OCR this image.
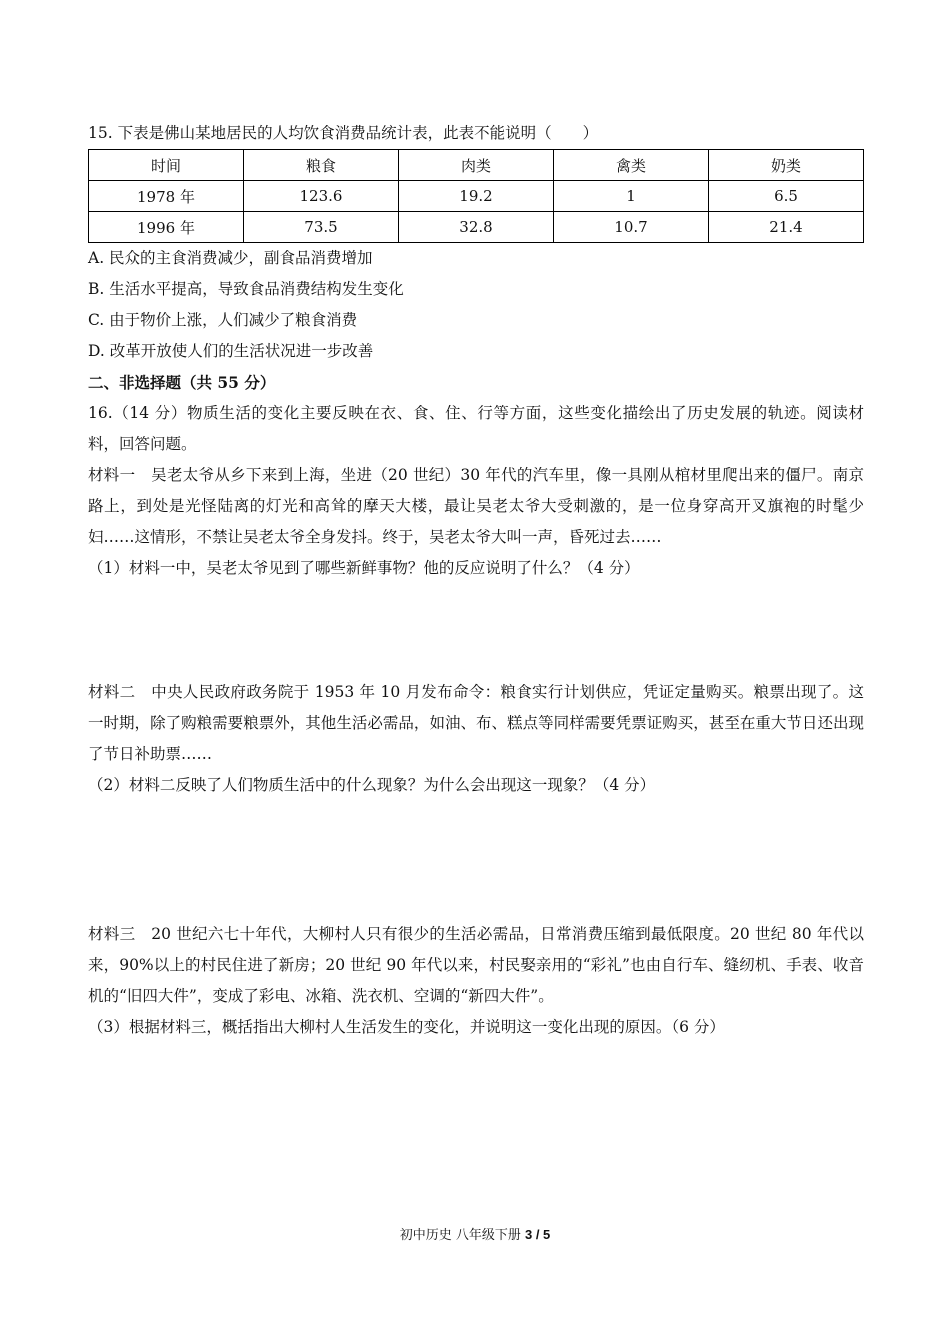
15. 下表是佛山某地居民的人均饮食消费品统计表，此表不能说明（　　）
时间	粮食	肉类	禽类	奶类
1978 年	123.6	19.2	1	6.5
1996 年	73.5	32.8	10.7	21.4
A. 民众的主食消费减少，副食品消费增加
B. 生活水平提高，导致食品消费结构发生变化
C. 由于物价上涨，人们减少了粮食消费
D. 改革开放使人们的生活状况进一步改善
二、非选择题（共 55 分）
16.（14 分）物质生活的变化主要反映在衣、食、住、行等方面，这些变化描绘出了历史发展的轨迹。阅读材料，回答问题。
材料一　吴老太爷从乡下来到上海，坐进（20 世纪）30 年代的汽车里，像一具刚从棺材里爬出来的僵尸。南京路上，到处是光怪陆离的灯光和高耸的摩天大楼，最让吴老太爷大受刺激的，是一位身穿高开叉旗袍的时髦少妇……这情形，不禁让吴老太爷全身发抖。终于，吴老太爷大叫一声，昏死过去……
（1）材料一中，吴老太爷见到了哪些新鲜事物？他的反应说明了什么？（4 分）
材料二　中央人民政府政务院于 1953 年 10 月发布命令：粮食实行计划供应，凭证定量购买。粮票出现了。这一时期，除了购粮需要粮票外，其他生活必需品，如油、布、糕点等同样需要凭票证购买，甚至在重大节日还出现了节日补助票……
（2）材料二反映了人们物质生活中的什么现象？为什么会出现这一现象？（4 分）
材料三　20 世纪六七十年代，大柳村人只有很少的生活必需品，日常消费压缩到最低限度。20 世纪 80 年代以来，90%以上的村民住进了新房；20 世纪 90 年代以来，村民娶亲用的“彩礼”也由自行车、缝纫机、手表、收音机的“旧四大件”，变成了彩电、冰箱、洗衣机、空调的“新四大件”。
（3）根据材料三，概括指出大柳村人生活发生的变化，并说明这一变化出现的原因。（6 分）
初中历史 八年级下册 3 / 5
